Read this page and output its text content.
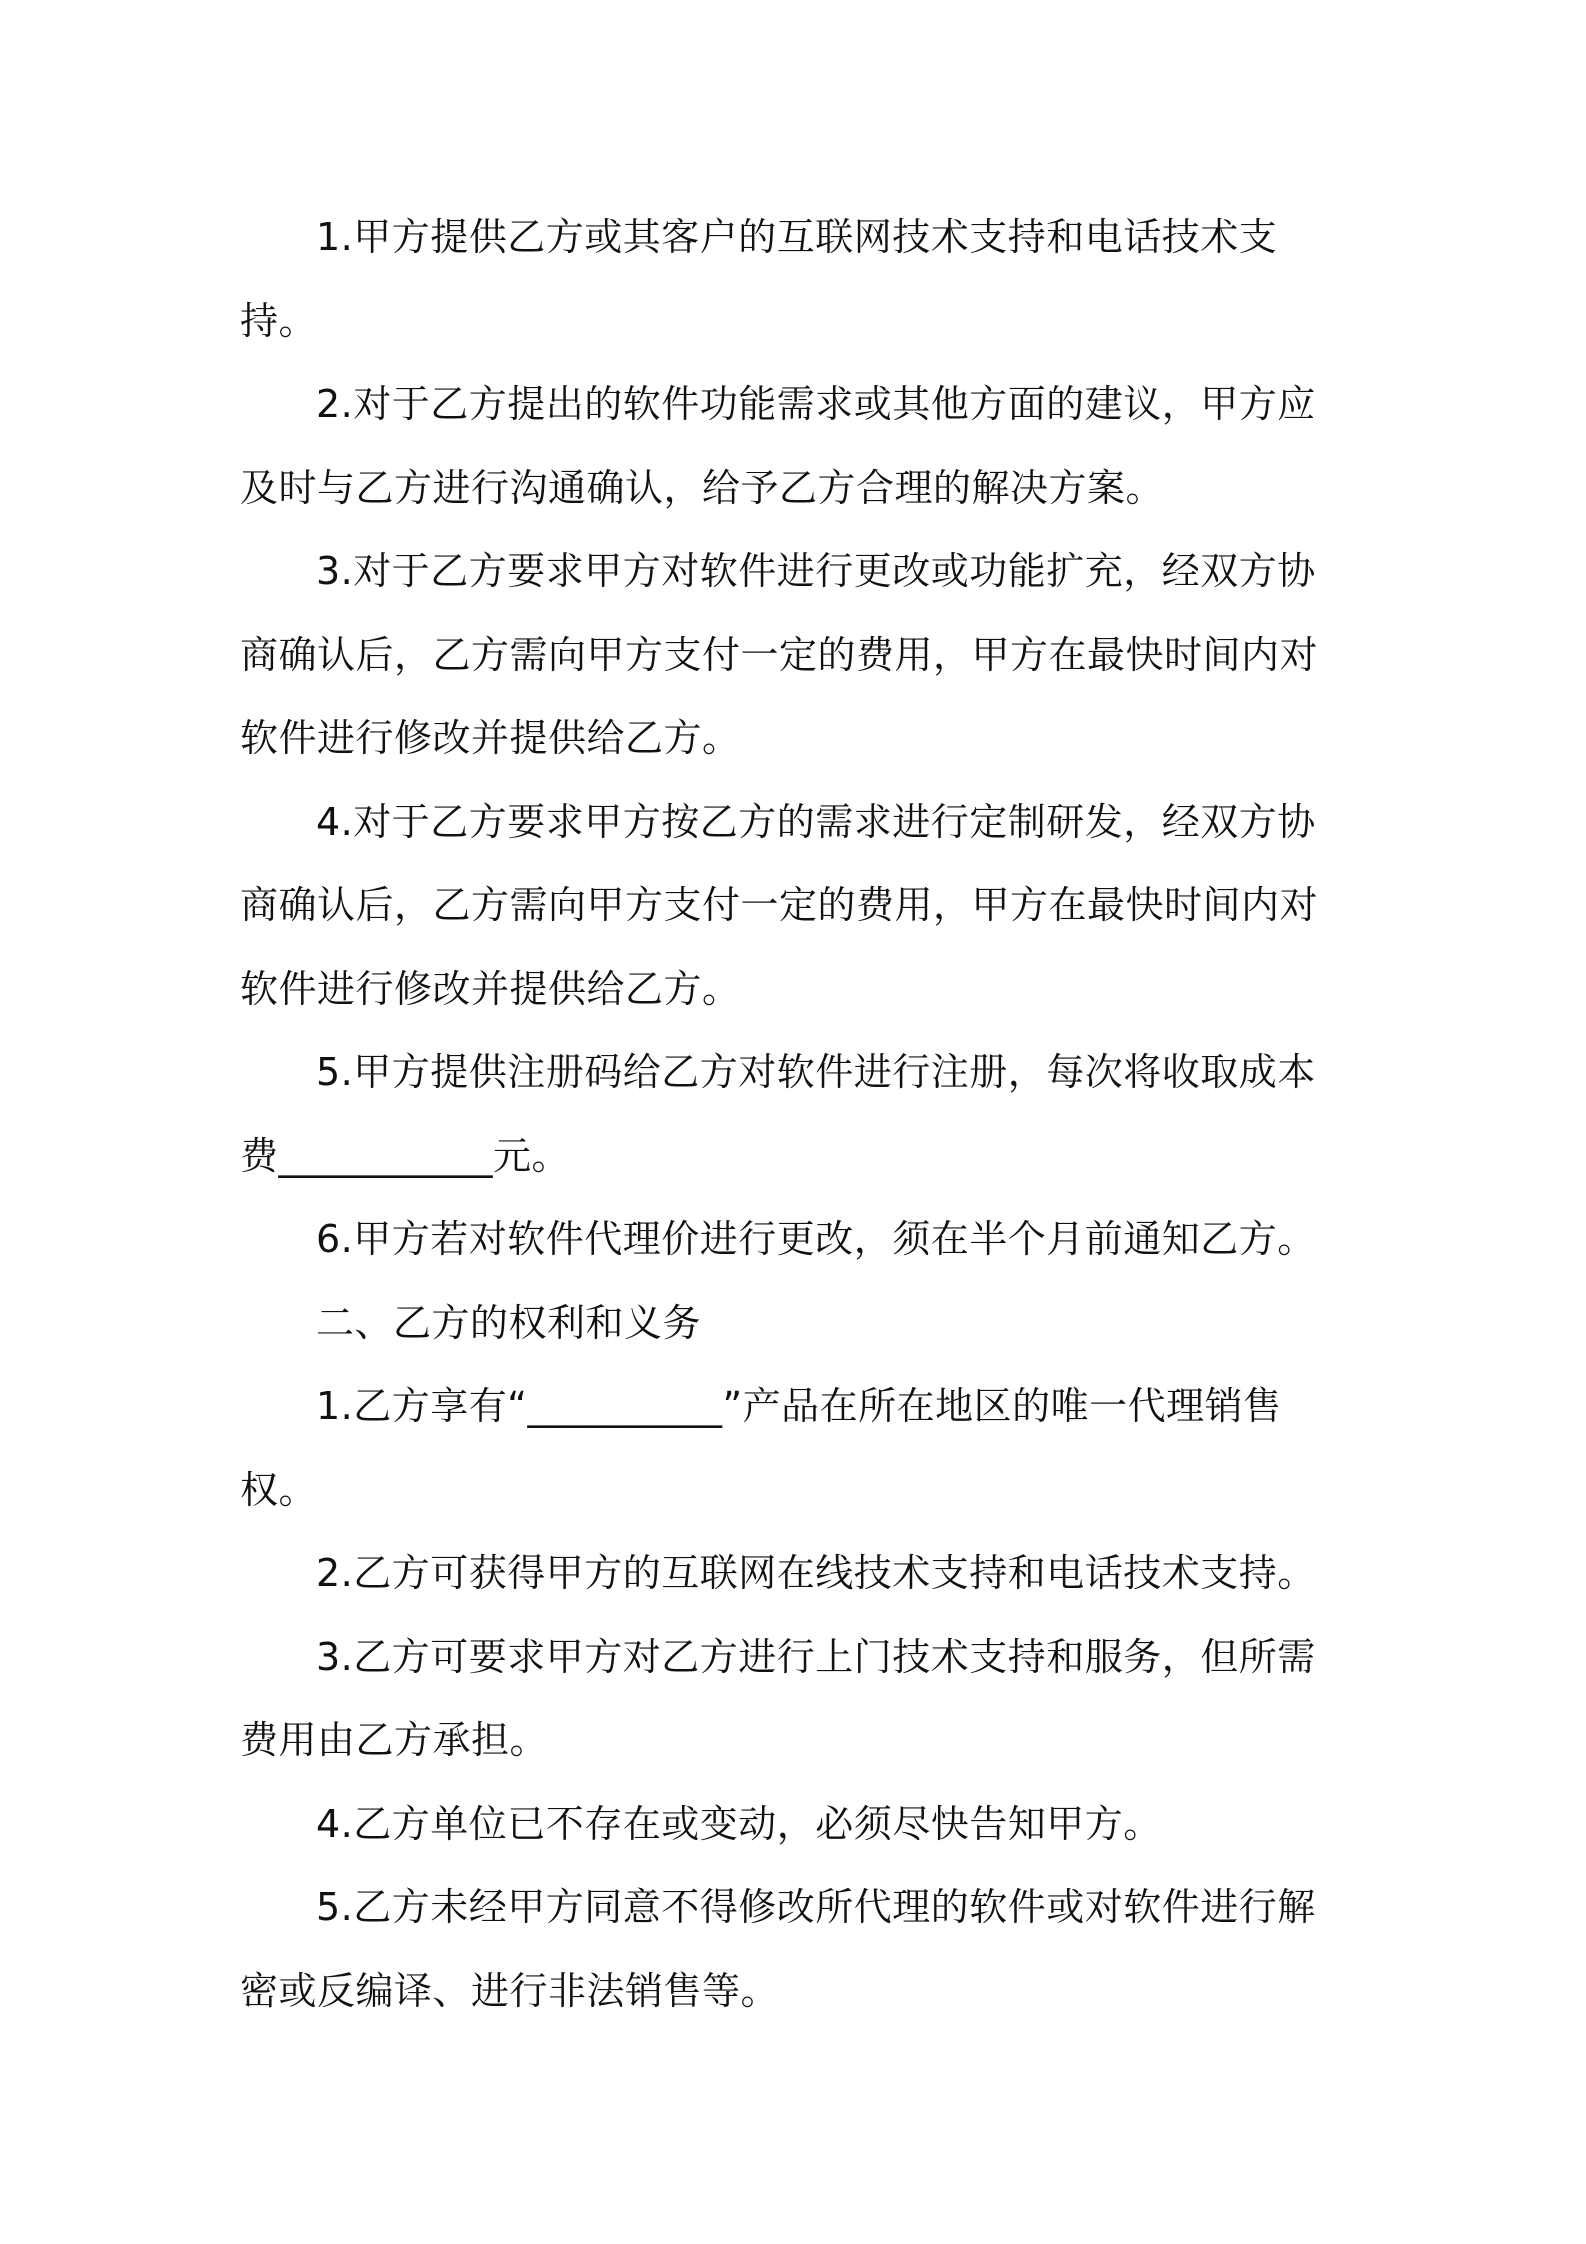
1.甲方提供乙方或其客户的互联网技术支持和电话技术支持。

2.对于乙方提出的软件功能需求或其他方面的建议，甲方应及时与乙方进行沟通确认，给予乙方合理的解决方案。

3.对于乙方要求甲方对软件进行更改或功能扩充，经双方协商确认后，乙方需向甲方支付一定的费用，甲方在最快时间内对软件进行修改并提供给乙方。

4.对于乙方要求甲方按乙方的需求进行定制研发，经双方协商确认后，乙方需向甲方支付一定的费用，甲方在最快时间内对软件进行修改并提供给乙方。

5.甲方提供注册码给乙方对软件进行注册，每次将收取成本费___________元。

6.甲方若对软件代理价进行更改，须在半个月前通知乙方。

二、乙方的权利和义务

1.乙方享有“__________”产品在所在地区的唯一代理销售权。

2.乙方可获得甲方的互联网在线技术支持和电话技术支持。

3.乙方可要求甲方对乙方进行上门技术支持和服务，但所需费用由乙方承担。

4.乙方单位已不存在或变动，必须尽快告知甲方。

5.乙方未经甲方同意不得修改所代理的软件或对软件进行解密或反编译、进行非法销售等。
